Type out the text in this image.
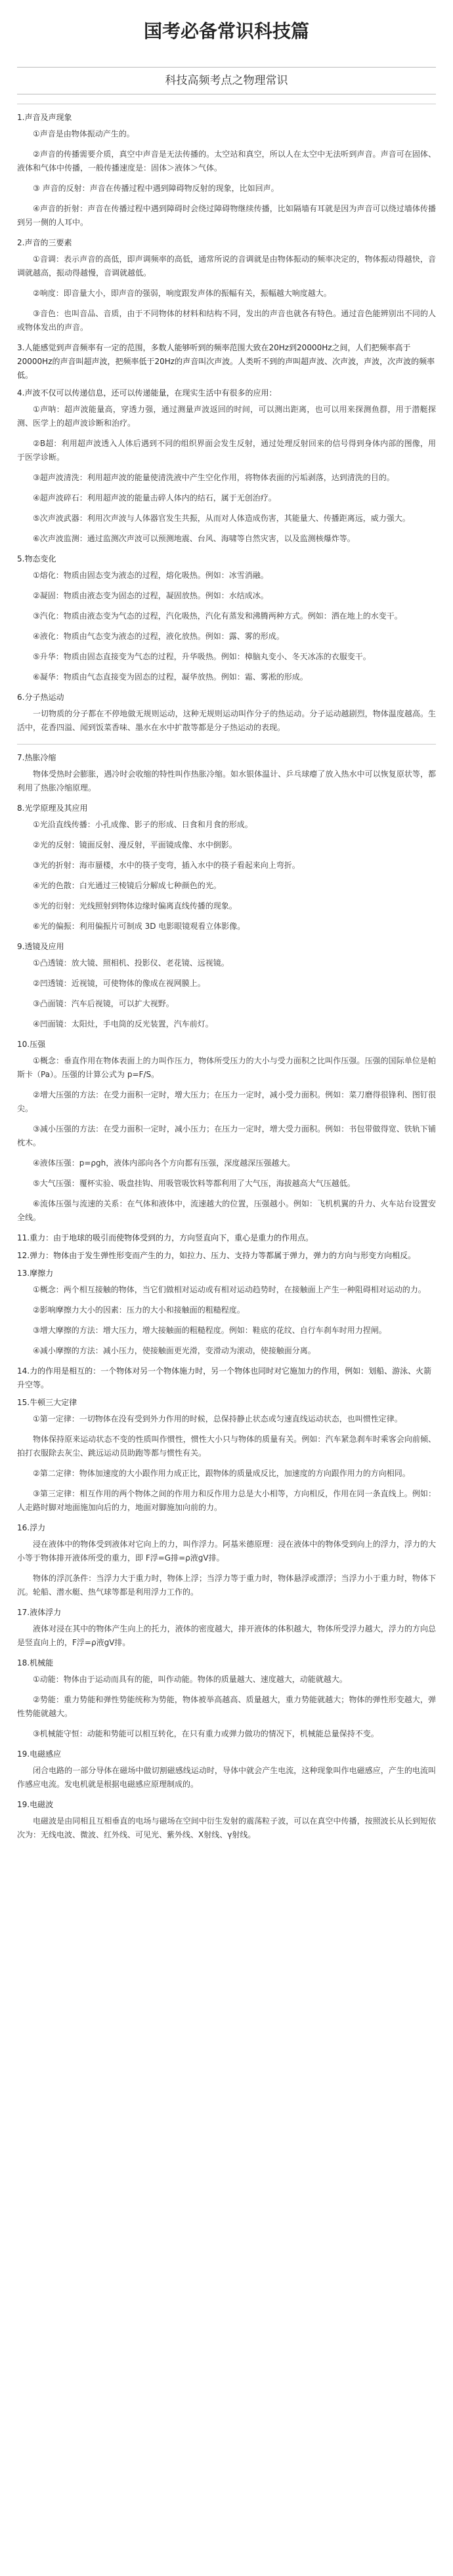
国考必备常识科技篇
科技高频考点之物理常识
1.声音及声现象
①声音是由物体振动产生的。
②声音的传播需要介质，真空中声音是无法传播的。太空站和真空，所以人在太空中无法听到声音。声音可在固体、液体和气体中传播，一般传播速度是：固体＞液体＞气体。
③ 声音的反射：声音在传播过程中遇到障碍物反射的现象，比如回声。
④声音的折射：声音在传播过程中遇到障碍时会绕过障碍物继续传播，比如隔墙有耳就是因为声音可以绕过墙体传播到另一侧的人耳中。
2.声音的三要素
①音调：表示声音的高低，即声调频率的高低，通常所说的音调就是由物体振动的频率决定的，物体振动得越快，音调就越高，振动得越慢，音调就越低。
②响度：即音量大小，即声音的强弱，响度跟发声体的振幅有关，振幅越大响度越大。
③音色：也叫音品、音质，由于不同物体的材料和结构不同，发出的声音也就各有特色。通过音色能辨别出不同的人或物体发出的声音。
3.人能感觉到声音频率有一定的范围，多数人能够听到的频率范围大致在20Hz到20000Hz之间，人们把频率高于20000Hz的声音叫超声波，把频率低于20Hz的声音叫次声波。人类听不到的声叫超声波、次声波，声波，次声波的频率低。
4.声波不仅可以传递信息，还可以传递能量，在现实生活中有很多的应用：
①声呐：超声波能量高，穿透力强，通过测量声波返回的时间，可以测出距离，也可以用来探测鱼群，用于潜艇探测、医学上的超声波诊断和治疗。
②B超：利用超声波透入人体后遇到不同的组织界面会发生反射，通过处理反射回来的信号得到身体内部的图像，用于医学诊断。
③超声波清洗：利用超声波的能量使清洗液中产生空化作用，将物体表面的污垢剥落，达到清洗的目的。
④超声波碎石：利用超声波的能量击碎人体内的结石，属于无创治疗。
⑤次声波武器：利用次声波与人体器官发生共振，从而对人体造成伤害，其能量大、传播距离远，威力强大。
⑥次声波监测：通过监测次声波可以预测地震、台风、海啸等自然灾害，以及监测核爆炸等。
5.物态变化
①熔化：物质由固态变为液态的过程，熔化吸热。例如：冰雪消融。
②凝固：物质由液态变为固态的过程，凝固放热。例如：水结成冰。
③汽化：物质由液态变为气态的过程，汽化吸热，汽化有蒸发和沸腾两种方式。例如：洒在地上的水变干。
④液化：物质由气态变为液态的过程，液化放热。例如：露、雾的形成。
⑤升华：物质由固态直接变为气态的过程，升华吸热。例如：樟脑丸变小、冬天冰冻的衣服变干。
⑥凝华：物质由气态直接变为固态的过程，凝华放热。例如：霜、雾凇的形成。
6.分子热运动
一切物质的分子都在不停地做无规则运动，这种无规则运动叫作分子的热运动。分子运动越剧烈，物体温度越高。生活中，花香四溢、闻到饭菜香味、墨水在水中扩散等都是分子热运动的表现。
7.热胀冷缩
物体受热时会膨胀，遇冷时会收缩的特性叫作热胀冷缩。如水银体温计、乒乓球瘪了放入热水中可以恢复原状等，都利用了热胀冷缩原理。
8.光学原理及其应用
①光沿直线传播：小孔成像、影子的形成、日食和月食的形成。
②光的反射：镜面反射、漫反射，平面镜成像、水中倒影。
③光的折射：海市蜃楼，水中的筷子变弯，插入水中的筷子看起来向上弯折。
④光的色散：白光通过三棱镜后分解成七种颜色的光。
⑤光的衍射：光线照射到物体边缘时偏离直线传播的现象。
⑥光的偏振：利用偏振片可制成 3D 电影眼镜观看立体影像。
9.透镜及应用
①凸透镜：放大镜、照相机、投影仪、老花镜、远视镜。
②凹透镜：近视镜，可使物体的像成在视网膜上。
③凸面镜：汽车后视镜，可以扩大视野。
④凹面镜：太阳灶，手电筒的反光装置，汽车前灯。
10.压强
①概念：垂直作用在物体表面上的力叫作压力，物体所受压力的大小与受力面积之比叫作压强。压强的国际单位是帕斯卡（Pa）。压强的计算公式为 p=F/S。
②增大压强的方法：在受力面积一定时，增大压力；在压力一定时，减小受力面积。例如：菜刀磨得很锋利、图钉很尖。
③减小压强的方法：在受力面积一定时，减小压力；在压力一定时，增大受力面积。例如：书包带做得宽、铁轨下铺枕木。
④液体压强：p=ρgh，液体内部向各个方向都有压强，深度越深压强越大。
⑤大气压强：覆杯实验、吸盘挂钩、用吸管吸饮料等都利用了大气压，海拔越高大气压越低。
⑥流体压强与流速的关系：在气体和液体中，流速越大的位置，压强越小。例如：飞机机翼的升力、火车站台设置安全线。
11.重力：由于地球的吸引而使物体受到的力，方向竖直向下，重心是重力的作用点。
12.弹力：物体由于发生弹性形变而产生的力，如拉力、压力、支持力等都属于弹力，弹力的方向与形变方向相反。
13.摩擦力
①概念：两个相互接触的物体，当它们做相对运动或有相对运动趋势时，在接触面上产生一种阻碍相对运动的力。
②影响摩擦力大小的因素：压力的大小和接触面的粗糙程度。
③增大摩擦的方法：增大压力，增大接触面的粗糙程度。例如：鞋底的花纹、自行车刹车时用力捏闸。
④减小摩擦的方法：减小压力，使接触面更光滑，变滑动为滚动，使接触面分离。
14.力的作用是相互的：一个物体对另一个物体施力时，另一个物体也同时对它施加力的作用，例如：划船、游泳、火箭升空等。
15.牛顿三大定律
①第一定律：一切物体在没有受到外力作用的时候，总保持静止状态或匀速直线运动状态，也叫惯性定律。
物体保持原来运动状态不变的性质叫作惯性，惯性大小只与物体的质量有关。例如：汽车紧急刹车时乘客会向前倾、拍打衣服除去灰尘、跳远运动员助跑等都与惯性有关。
②第二定律：物体加速度的大小跟作用力成正比，跟物体的质量成反比，加速度的方向跟作用力的方向相同。
③第三定律：相互作用的两个物体之间的作用力和反作用力总是大小相等，方向相反，作用在同一条直线上。例如：人走路时脚对地面施加向后的力，地面对脚施加向前的力。
16.浮力
浸在液体中的物体受到液体对它向上的力，叫作浮力。阿基米德原理：浸在液体中的物体受到向上的浮力，浮力的大小等于物体排开液体所受的重力，即 F浮=G排=ρ液gV排。
物体的浮沉条件：当浮力大于重力时，物体上浮；当浮力等于重力时，物体悬浮或漂浮；当浮力小于重力时，物体下沉。轮船、潜水艇、热气球等都是利用浮力工作的。
17.液体浮力
液体对浸在其中的物体产生向上的托力，液体的密度越大，排开液体的体积越大，物体所受浮力越大，浮力的方向总是竖直向上的，F浮=ρ液gV排。
18.机械能
①动能：物体由于运动而具有的能，叫作动能。物体的质量越大、速度越大，动能就越大。
②势能：重力势能和弹性势能统称为势能，物体被举高越高、质量越大，重力势能就越大；物体的弹性形变越大，弹性势能就越大。
③机械能守恒：动能和势能可以相互转化，在只有重力或弹力做功的情况下，机械能总量保持不变。
19.电磁感应
闭合电路的一部分导体在磁场中做切割磁感线运动时，导体中就会产生电流，这种现象叫作电磁感应，产生的电流叫作感应电流。发电机就是根据电磁感应原理制成的。
19.电磁波
电磁波是由同相且互相垂直的电场与磁场在空间中衍生发射的震荡粒子波，可以在真空中传播，按照波长从长到短依次为：无线电波、微波、红外线、可见光、紫外线、X射线、γ射线。
